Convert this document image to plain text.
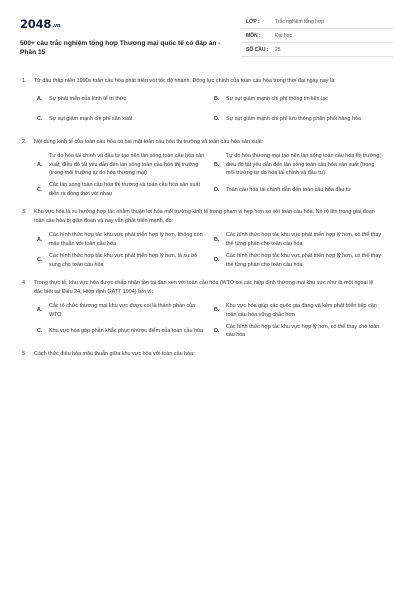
2048.vn
500+ câu trắc nghiệm tổng hợp Thương mại quốc tế có đáp án - Phần 15
LỚP :	Trắc nghiệm tổng hợp
MÔN :	Đại học
SỐ CÂU : 25
1.	Từ đầu thập niên 1990s toàn cầu hóa phát triển với tốc độ nhanh. Động lực chính của toàn cầu hóa trong thời đại ngày nay là:
A.	Sự phát triển của kinh tế tri thức	B.	Sự sụt giảm mạnh chi phí thông tin liên lạc
C.	Sự sụt giảm mạnh chi phí sản xuất	D.	Sự sụt giảm mạnh chi phí lưu thông phân phối hàng hóa
2.	Nội dung kinh tế của toàn cầu hóa có hai mặt toàn cầu hóa thị trường và toàn cầu hóa sản xuất:
A.
Tự do hóa tài chính và đầu tư tạo nên làn sóng toàn cầu hóa sản xuất; điều đó tất yếu dẫn đến làn sóng toàn cầu hóa thị trường (trong môi trường tự do hóa thương mại)
B.
Tự do hóa thương mại tạo nên làn sóng toàn cầu hóa thị trường; điều đó tất yếu dẫn đến làn sóng toàn cầu hóa sản xuất (trong môi trường tự do hóa tài chính và đầu tư)
C.
Các làn sóng toàn cầu hóa thị trường và toàn cầu hóa sản xuất diễn ra đồng thời với nhau
D.	Toàn cầu hóa tài chính dẫn đến toàn cầu hóa đầu tư
3.	Khu vực hóa là xu hướng hợp tác nhằm thuận lợi hóa môi trường kinh tế trong phạm vi hẹp hơn so với toàn cầu hóa. Nó rộ lên trong giai đoạn toàn cầu hóa bị giãn đoạn và nay vẫn phát triển mạnh, do:
A.
Các hình thức hợp tác khu vực phát triển hợp lý hơn, không còn mâu thuẫn với toàn cầu hóa
B.
Các hình thức hợp tác khu vực phát triển hợp lý hơn, có thể thay thế từng phần cho toàn cầu hóa
C.
Các hình thức hợp tác khu vực phát triển hợp lý hơn, là sự bổ sung cho toàn cầu hóa
D.
Các hình thức hợp tác khu vực phát triển hợp lý hơn, có thể thay thế từng phần cho toàn cầu hóa
4.	Trong thực tế, khu vực hóa được chấp nhận tồn tại đan xen với toàn cầu hóa (WTO coi các hiệp định thương mại khu vực như là một ngoại lệ đặc biệt tại Điều 24, Hiệp định GATT 1994) bởi vì:
A.
Các tổ chức thương mại khu vực được coi là thành phần của WTO
B.
Khu vực hóa giúp các quốc gia đang và kém phát triển tiếp cận toàn cầu hóa vững chắc hơn
C.	Khu vực hóa góp phần khắc phục nhược điểm của toàn cầu hóa	D.
Các hình thức hợp tác khu vực hợp lý hơn, có thể thay cho toàn cầu hóa
5.	Cách thức điều hòa mâu thuẫn giữa khu vực hóa với toàn cầu hóa:
